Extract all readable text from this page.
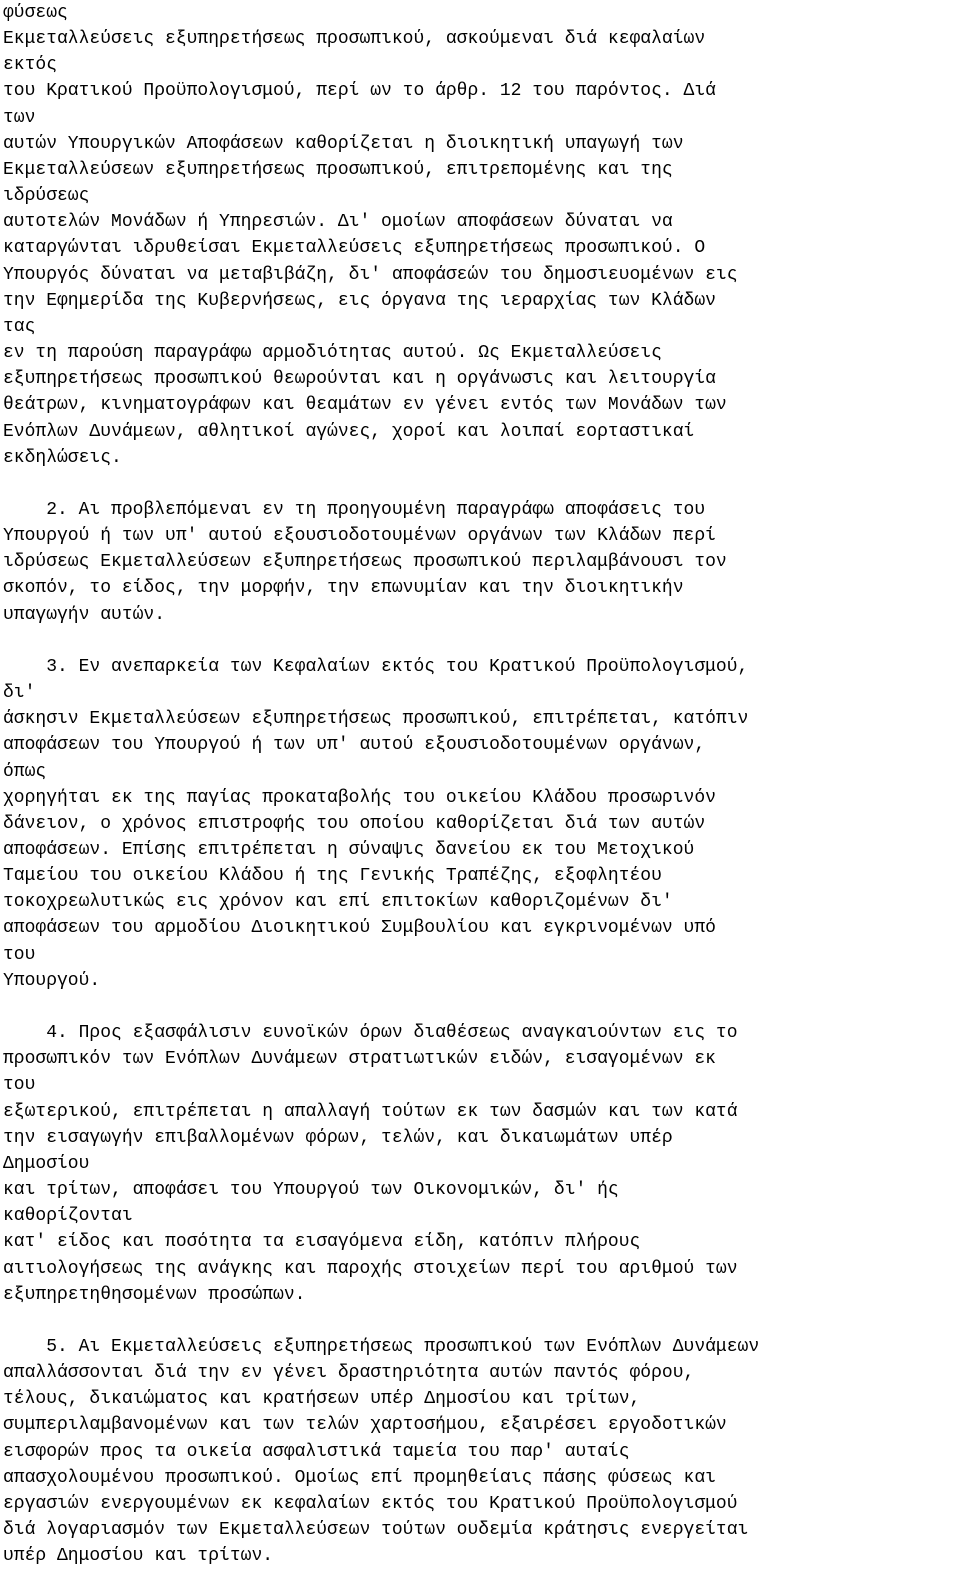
φύσεως
Εκμεταλλεύσεις εξυπηρετήσεως προσωπικού, ασκούμεναι διά κεφαλαίων
εκτός
του Κρατικού Προϋπολογισμού, περί ων το άρθρ. 12 του παρόντος. Διά
των
αυτών Υπουργικών Αποφάσεων καθορίζεται η διοικητική υπαγωγή των
Εκμεταλλεύσεων εξυπηρετήσεως προσωπικού, επιτρεπομένης και της
ιδρύσεως
αυτοτελών Μονάδων ή Υπηρεσιών. Δι' ομοίων αποφάσεων δύναται να
καταργώνται ιδρυθείσαι Εκμεταλλεύσεις εξυπηρετήσεως προσωπικού. Ο
Υπουργός δύναται να μεταβιβάζη, δι' αποφάσεών του δημοσιευομένων εις
την Εφημερίδα της Κυβερνήσεως, εις όργανα της ιεραρχίας των Κλάδων
τας
εν τη παρούση παραγράφω αρμοδιότητας αυτού. Ως Εκμεταλλεύσεις
εξυπηρετήσεως προσωπικού θεωρούνται και η οργάνωσις και λειτουργία
θεάτρων, κινηματογράφων και θεαμάτων εν γένει εντός των Μονάδων των
Ενόπλων Δυνάμεων, αθλητικοί αγώνες, χοροί και λοιπαί εορταστικαί
εκδηλώσεις.
2. Αι προβλεπόμεναι εν τη προηγουμένη παραγράφω αποφάσεις του
Υπουργού ή των υπ' αυτού εξουσιοδοτουμένων οργάνων των Κλάδων περί
ιδρύσεως Εκμεταλλεύσεων εξυπηρετήσεως προσωπικού περιλαμβάνουσι τον
σκοπόν, το είδος, την μορφήν, την επωνυμίαν και την διοικητικήν
υπαγωγήν αυτών.
3. Εν ανεπαρκεία των Κεφαλαίων εκτός του Κρατικού Προϋπολογισμού,
δι'
άσκησιν Εκμεταλλεύσεων εξυπηρετήσεως προσωπικού, επιτρέπεται, κατόπιν
αποφάσεων του Υπουργού ή των υπ' αυτού εξουσιοδοτουμένων οργάνων,
όπως
χορηγήται εκ της παγίας προκαταβολής του οικείου Κλάδου προσωρινόν
δάνειον, ο χρόνος επιστροφής του οποίου καθορίζεται διά των αυτών
αποφάσεων. Επίσης επιτρέπεται η σύναψις δανείου εκ του Μετοχικού
Ταμείου του οικείου Κλάδου ή της Γενικής Τραπέζης, εξοφλητέου
τοκοχρεωλυτικώς εις χρόνον και επί επιτοκίων καθοριζομένων δι'
αποφάσεων του αρμοδίου Διοικητικού Συμβουλίου και εγκρινομένων υπό
του
Υπουργού.
4. Προς εξασφάλισιν ευνοϊκών όρων διαθέσεως αναγκαιούντων εις το
προσωπικόν των Ενόπλων Δυνάμεων στρατιωτικών ειδών, εισαγομένων εκ
του
εξωτερικού, επιτρέπεται η απαλλαγή τούτων εκ των δασμών και των κατά
την εισαγωγήν επιβαλλομένων φόρων, τελών, και δικαιωμάτων υπέρ
Δημοσίου
και τρίτων, αποφάσει του Υπουργού των Οικονομικών, δι' ής
καθορίζονται
κατ' είδος και ποσότητα τα εισαγόμενα είδη, κατόπιν πλήρους
αιτιολογήσεως της ανάγκης και παροχής στοιχείων περί του αριθμού των
εξυπηρετηθησομένων προσώπων.
5. Αι Εκμεταλλεύσεις εξυπηρετήσεως προσωπικού των Ενόπλων Δυνάμεων
απαλλάσσονται διά την εν γένει δραστηριότητα αυτών παντός φόρου,
τέλους, δικαιώματος και κρατήσεων υπέρ Δημοσίου και τρίτων,
συμπεριλαμβανομένων και των τελών χαρτοσήμου, εξαιρέσει εργοδοτικών
εισφορών προς τα οικεία ασφαλιστικά ταμεία του παρ' αυταίς
απασχολουμένου προσωπικού. Ομοίως επί προμηθείαις πάσης φύσεως και
εργασιών ενεργουμένων εκ κεφαλαίων εκτός του Κρατικού Προϋπολογισμού
διά λογαριασμόν των Εκμεταλλεύσεων τούτων ουδεμία κράτησις ενεργείται
υπέρ Δημοσίου και τρίτων.
